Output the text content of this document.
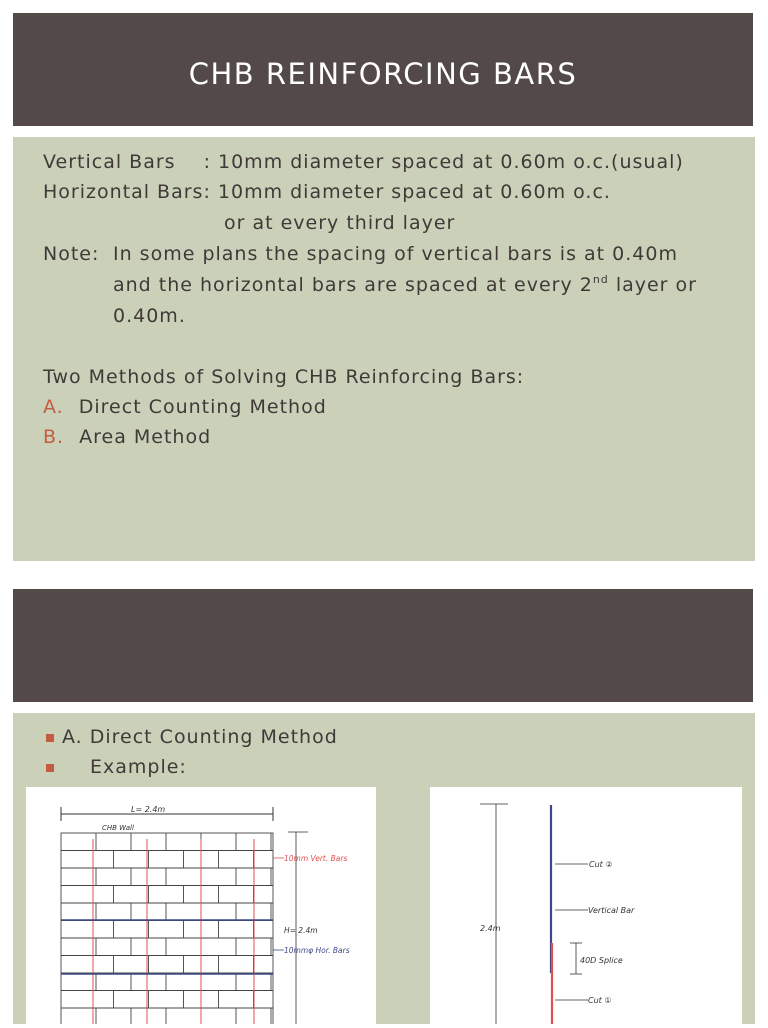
CHB REINFORCING BARS
Vertical Bars : 10mm diameter spaced at 0.60m o.c.(usual)
Horizontal Bars: 10mm diameter spaced at 0.60m o.c.
or at every third layer
Note: In some plans the spacing of vertical bars is at 0.40m
and the horizontal bars are spaced at every 2nd layer or
0.40m.
Two Methods of Solving CHB Reinforcing Bars:
A. Direct Counting Method
B. Area Method
A. Direct Counting Method
Example:
L= 2.4m
CHB Wall
10mm Vert. Bars
10mmφ Hor. Bars
H= 2.4m	2.4m
Cut ②
Vertical Bar
40D Splice
Cut ①
